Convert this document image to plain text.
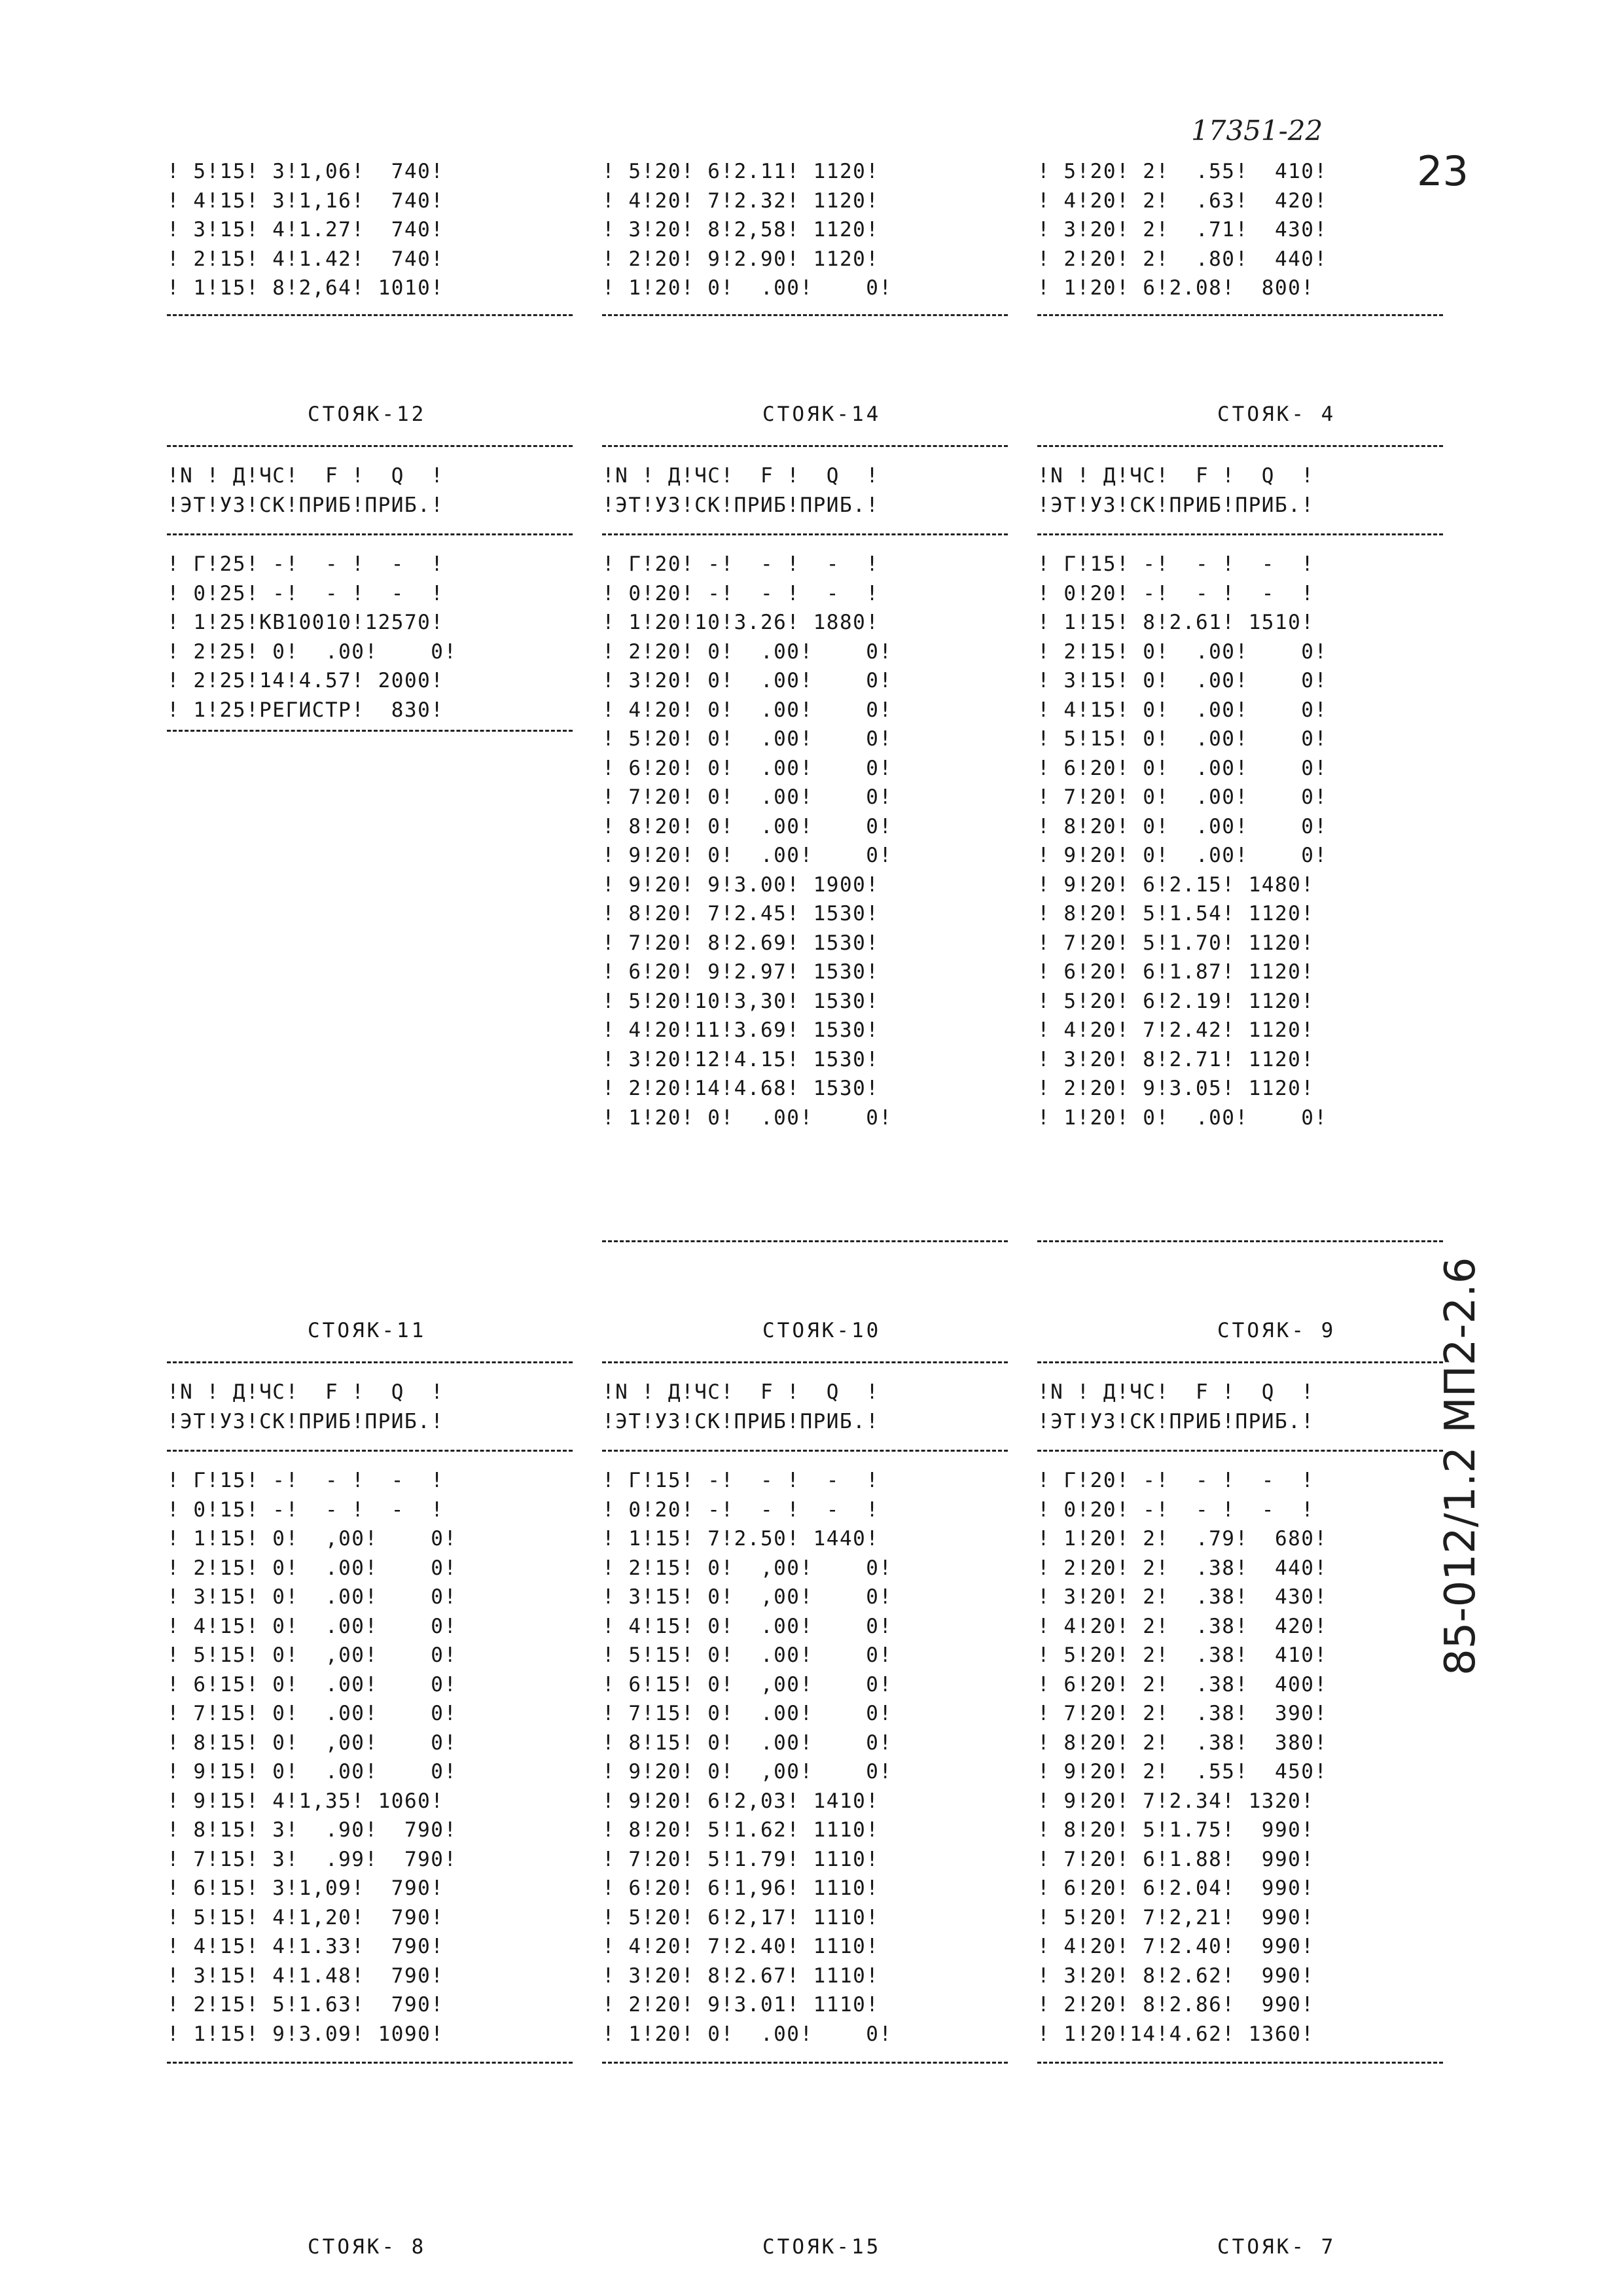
17351-22
23
85-012/1.2 МП2-2.6
! 5!15! 3!1,06!  740!
! 4!15! 3!1,16!  740!
! 3!15! 4!1.27!  740!
! 2!15! 4!1.42!  740!
! 1!15! 8!2,64! 1010!
! 5!20! 6!2.11! 1120!
! 4!20! 7!2.32! 1120!
! 3!20! 8!2,58! 1120!
! 2!20! 9!2.90! 1120!
! 1!20! 0!  .00!    0!
! 5!20! 2!  .55!  410!
! 4!20! 2!  .63!  420!
! 3!20! 2!  .71!  430!
! 2!20! 2!  .80!  440!
! 1!20! 6!2.08!  800!
СТОЯК-12	СТОЯК-14	СТОЯК- 4
!N ! Д!ЧС!  F !  Q  !
!ЭТ!УЗ!СК!ПРИБ!ПРИБ.!
!N ! Д!ЧС!  F !  Q  !
!ЭТ!УЗ!СК!ПРИБ!ПРИБ.!
!N ! Д!ЧС!  F !  Q  !
!ЭТ!УЗ!СК!ПРИБ!ПРИБ.!
! Г!25! -!  - !  -  !
! 0!25! -!  - !  -  !
! 1!25!КВ10010!12570!
! 2!25! 0!  .00!    0!
! 2!25!14!4.57! 2000!
! 1!25!РЕГИСТР!  830!
! Г!20! -!  - !  -  !
! 0!20! -!  - !  -  !
! 1!20!10!3.26! 1880!
! 2!20! 0!  .00!    0!
! 3!20! 0!  .00!    0!
! 4!20! 0!  .00!    0!
! 5!20! 0!  .00!    0!
! 6!20! 0!  .00!    0!
! 7!20! 0!  .00!    0!
! 8!20! 0!  .00!    0!
! 9!20! 0!  .00!    0!
! 9!20! 9!3.00! 1900!
! 8!20! 7!2.45! 1530!
! 7!20! 8!2.69! 1530!
! 6!20! 9!2.97! 1530!
! 5!20!10!3,30! 1530!
! 4!20!11!3.69! 1530!
! 3!20!12!4.15! 1530!
! 2!20!14!4.68! 1530!
! 1!20! 0!  .00!    0!
! Г!15! -!  - !  -  !
! 0!20! -!  - !  -  !
! 1!15! 8!2.61! 1510!
! 2!15! 0!  .00!    0!
! 3!15! 0!  .00!    0!
! 4!15! 0!  .00!    0!
! 5!15! 0!  .00!    0!
! 6!20! 0!  .00!    0!
! 7!20! 0!  .00!    0!
! 8!20! 0!  .00!    0!
! 9!20! 0!  .00!    0!
! 9!20! 6!2.15! 1480!
! 8!20! 5!1.54! 1120!
! 7!20! 5!1.70! 1120!
! 6!20! 6!1.87! 1120!
! 5!20! 6!2.19! 1120!
! 4!20! 7!2.42! 1120!
! 3!20! 8!2.71! 1120!
! 2!20! 9!3.05! 1120!
! 1!20! 0!  .00!    0!
СТОЯК-11	СТОЯК-10	СТОЯК- 9
!N ! Д!ЧС!  F !  Q  !
!ЭТ!УЗ!СК!ПРИБ!ПРИБ.!
!N ! Д!ЧС!  F !  Q  !
!ЭТ!УЗ!СК!ПРИБ!ПРИБ.!
!N ! Д!ЧС!  F !  Q  !
!ЭТ!УЗ!СК!ПРИБ!ПРИБ.!
! Г!15! -!  - !  -  !
! 0!15! -!  - !  -  !
! 1!15! 0!  ,00!    0!
! 2!15! 0!  .00!    0!
! 3!15! 0!  .00!    0!
! 4!15! 0!  .00!    0!
! 5!15! 0!  ,00!    0!
! 6!15! 0!  .00!    0!
! 7!15! 0!  .00!    0!
! 8!15! 0!  ,00!    0!
! 9!15! 0!  .00!    0!
! 9!15! 4!1,35! 1060!
! 8!15! 3!  .90!  790!
! 7!15! 3!  .99!  790!
! 6!15! 3!1,09!  790!
! 5!15! 4!1,20!  790!
! 4!15! 4!1.33!  790!
! 3!15! 4!1.48!  790!
! 2!15! 5!1.63!  790!
! 1!15! 9!3.09! 1090!
! Г!15! -!  - !  -  !
! 0!20! -!  - !  -  !
! 1!15! 7!2.50! 1440!
! 2!15! 0!  ,00!    0!
! 3!15! 0!  ,00!    0!
! 4!15! 0!  .00!    0!
! 5!15! 0!  .00!    0!
! 6!15! 0!  ,00!    0!
! 7!15! 0!  .00!    0!
! 8!15! 0!  .00!    0!
! 9!20! 0!  ,00!    0!
! 9!20! 6!2,03! 1410!
! 8!20! 5!1.62! 1110!
! 7!20! 5!1.79! 1110!
! 6!20! 6!1,96! 1110!
! 5!20! 6!2,17! 1110!
! 4!20! 7!2.40! 1110!
! 3!20! 8!2.67! 1110!
! 2!20! 9!3.01! 1110!
! 1!20! 0!  .00!    0!
! Г!20! -!  - !  -  !
! 0!20! -!  - !  -  !
! 1!20! 2!  .79!  680!
! 2!20! 2!  .38!  440!
! 3!20! 2!  .38!  430!
! 4!20! 2!  .38!  420!
! 5!20! 2!  .38!  410!
! 6!20! 2!  .38!  400!
! 7!20! 2!  .38!  390!
! 8!20! 2!  .38!  380!
! 9!20! 2!  .55!  450!
! 9!20! 7!2.34! 1320!
! 8!20! 5!1.75!  990!
! 7!20! 6!1.88!  990!
! 6!20! 6!2.04!  990!
! 5!20! 7!2,21!  990!
! 4!20! 7!2.40!  990!
! 3!20! 8!2.62!  990!
! 2!20! 8!2.86!  990!
! 1!20!14!4.62! 1360!
СТОЯК- 8	СТОЯК-15	СТОЯК- 7
